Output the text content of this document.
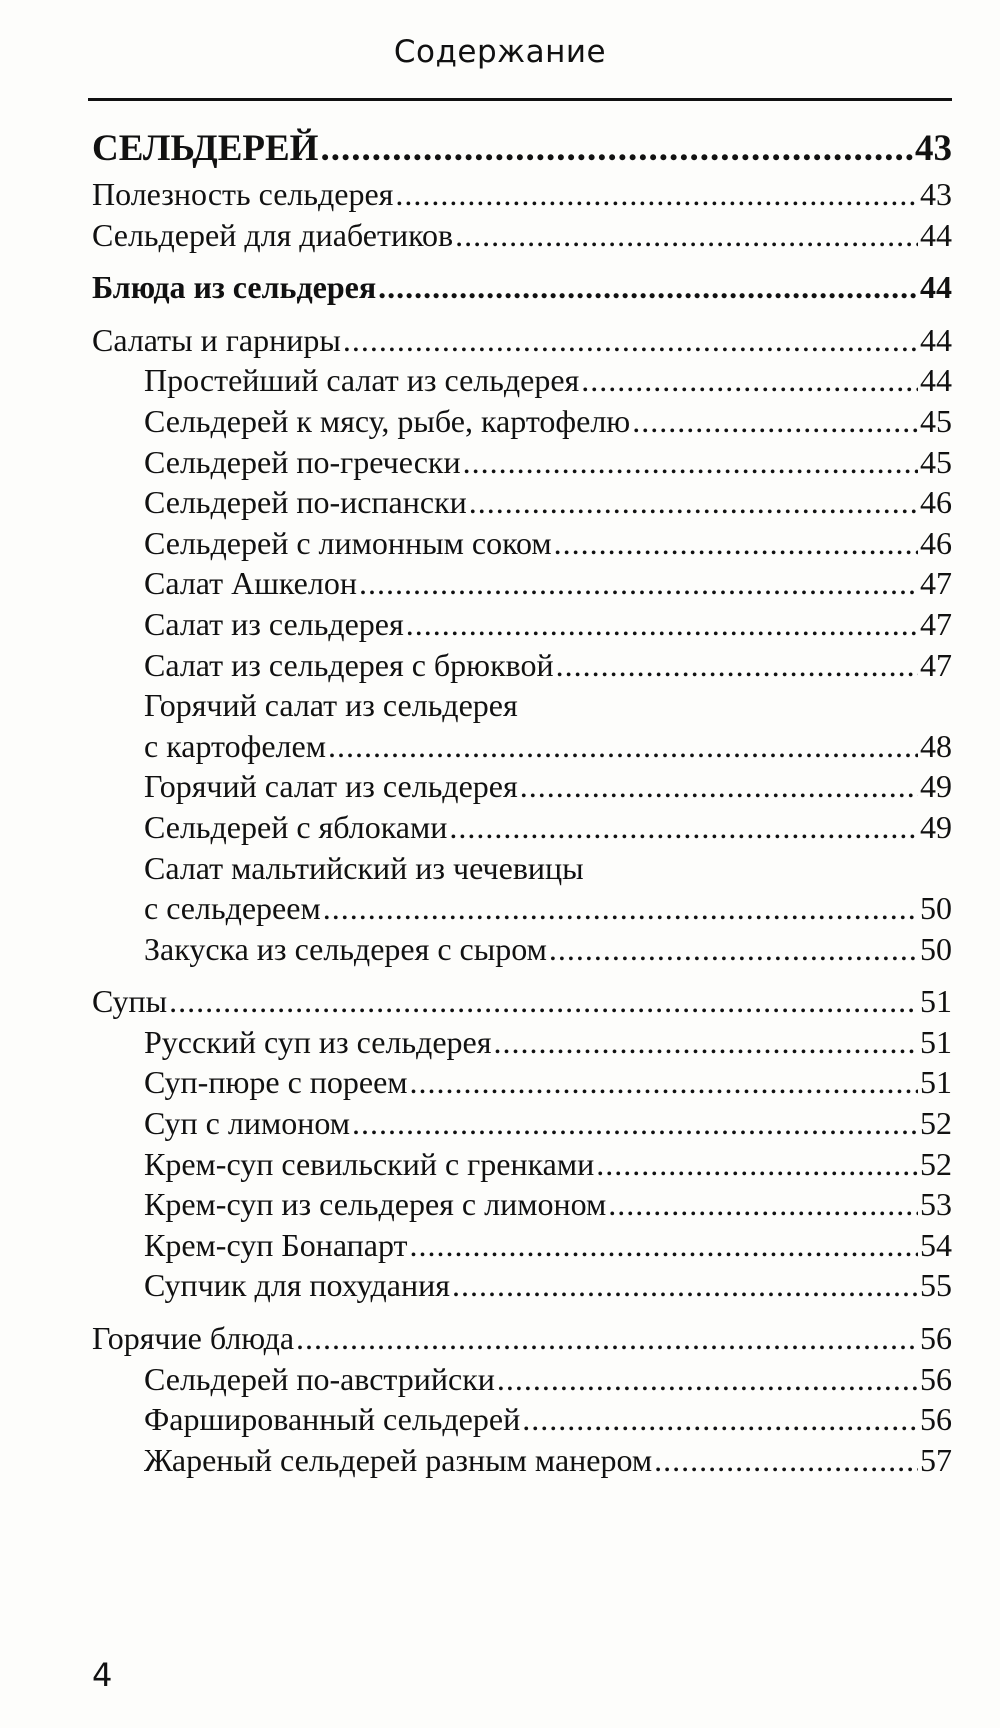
Содержание
СЕЛЬДЕРЕЙ .....	43
Полезность сельдерея .....	43
Сельдерей для диабетиков .....	44
Блюда из сельдерея .....	44
Салаты и гарниры .....	44
Простейший салат из сельдерея .....	44
Сельдерей к мясу, рыбе, картофелю .....	45
Сельдерей по-гречески .....	45
Сельдерей по-испански .....	46
Сельдерей с лимонным соком .....	46
Салат Ашкелон .....	47
Салат из сельдерея .....	47
Салат из сельдерея с брюквой .....	47
Горячий салат из сельдерея
с картофелем .....	48
Горячий салат из сельдерея .....	49
Сельдерей с яблоками .....	49
Салат мальтийский из чечевицы
с сельдереем .....	50
Закуска из сельдерея с сыром .....	50
Супы .....	51
Русский суп из сельдерея .....	51
Суп-пюре с пореем .....	51
Суп с лимоном .....	52
Крем-суп севильский с гренками .....	52
Крем-суп из сельдерея с лимоном .....	53
Крем-суп Бонапарт .....	54
Супчик для похудания .....	55
Горячие блюда .....	56
Сельдерей по-австрийски .....	56
Фаршированный сельдерей .....	56
Жареный сельдерей разным манером .....	57
4
